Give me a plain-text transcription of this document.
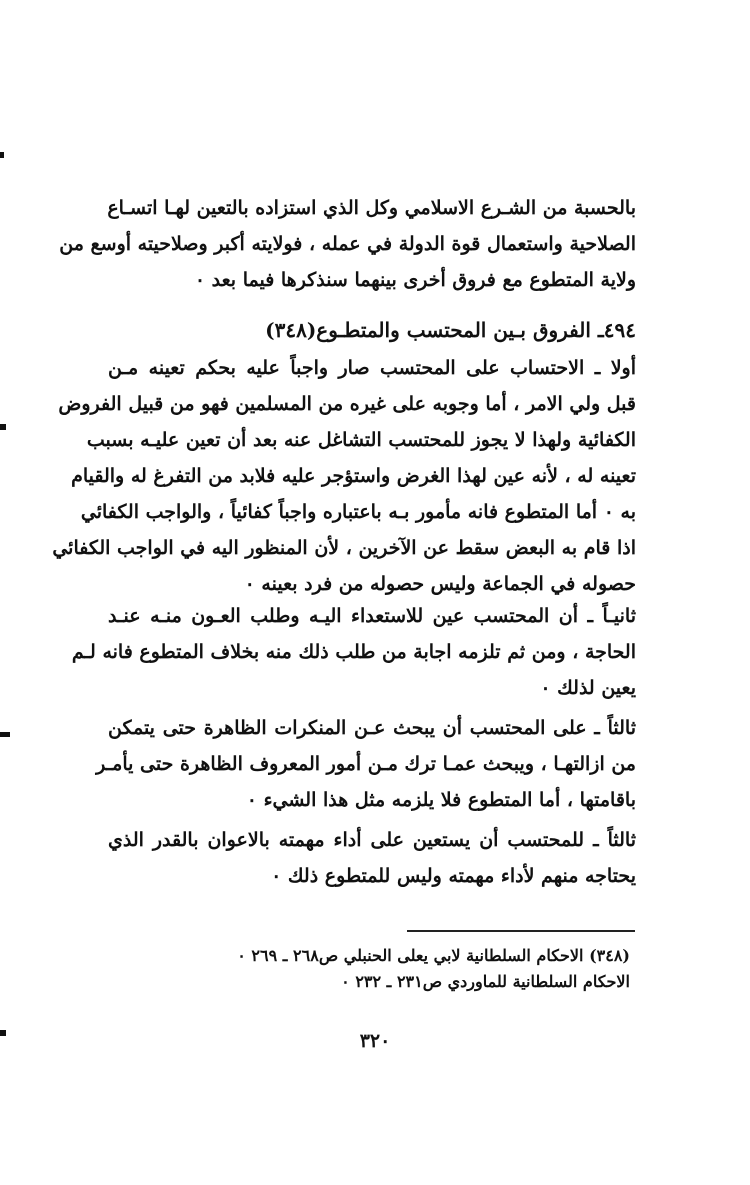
بالحسبة من الشـرع الاسلامي وكل الذي استزاده بالتعين لهـا اتسـاع
الصلاحية واستعمال قوة الدولة في عمله ، فولايته أكبر وصلاحيته أوسع من
ولاية المتطوع مع فروق أخرى بينهما سنذكرها فيما بعد ٠
٤٩٤ـ الفروق بـين المحتسب والمتطـوع(٣٤٨)
أولا ـ الاحتساب على المحتسب صار واجباً عليه بحكم تعينه مـن
قبل ولي الامر ، أما وجوبه على غيره من المسلمين فهو من قبيل الفروض
الكفائية ولهذا لا يجوز للمحتسب التشاغل عنه بعد أن تعين عليـه بسبب
تعينه له ، لأنه عين لهذا الغرض واستؤجر عليه فلابد من التفرغ له والقيام
به ٠ أما المتطوع فانه مأمور بـه باعتباره واجباً كفائياً ، والواجب الكفائي
اذا قام به البعض سقط عن الآخرين ، لأن المنظور اليه في الواجب الكفائي
حصوله في الجماعة وليس حصوله من فرد بعينه ٠
ثانيـاً ـ أن المحتسب عين للاستعداء اليـه وطلب العـون منـه عنـد
الحاجة ، ومن ثم تلزمه اجابة من طلب ذلك منه بخلاف المتطوع فانه لـم
يعين لذلك ٠
ثالثاً ـ على المحتسب أن يبحث عـن المنكرات الظاهرة حتى يتمكن
من ازالتهـا ، ويبحث عمـا ترك مـن أمور المعروف الظاهرة حتى يأمـر
باقامتها ، أما المتطوع فلا يلزمه مثل هذا الشيء ٠
ثالثاً ـ للمحتسب أن يستعين على أداء مهمته بالاعوان بالقدر الذي
يحتاجه منهم لأداء مهمته وليس للمتطوع ذلك ٠
(٣٤٨) الاحكام السلطانية لابي يعلى الحنبلي ص٢٦٨ ـ ٢٦٩ ٠
الاحكام السلطانية للماوردي ص٢٣١ ـ ٢٣٢ ٠
٣٢٠
